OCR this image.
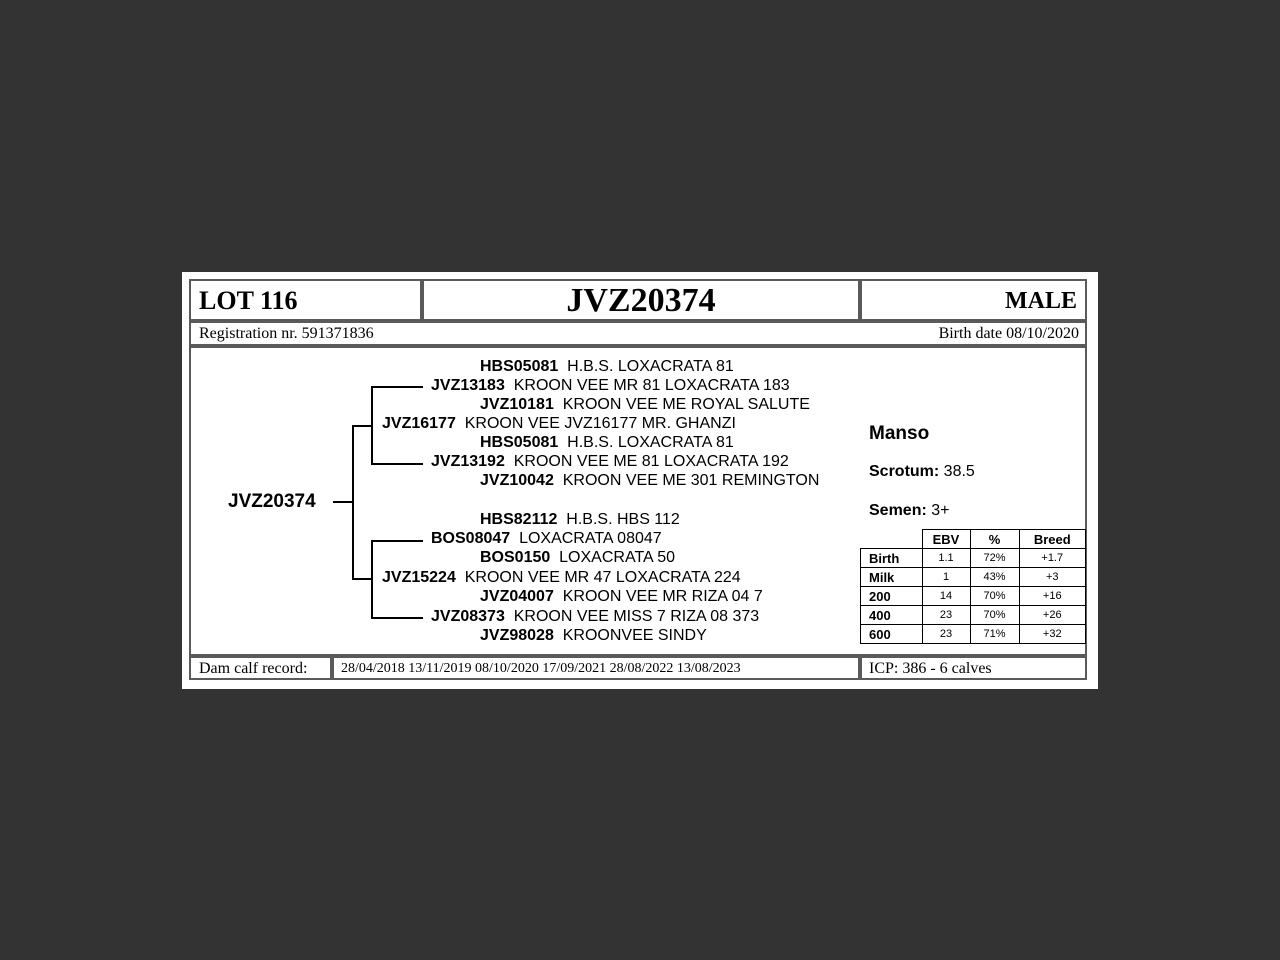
LOT 116	JVZ20374	MALE
Registration nr. 591371836	Birth date 08/10/2020
JVZ20374
HBS05081 H.B.S. LOXACRATA 81
JVZ13183 KROON VEE MR 81 LOXACRATA 183
JVZ10181 KROON VEE ME ROYAL SALUTE
JVZ16177 KROON VEE JVZ16177 MR. GHANZI
HBS05081 H.B.S. LOXACRATA 81
JVZ13192 KROON VEE ME 81 LOXACRATA 192
JVZ10042  KROON VEE ME 301 REMINGTON
HBS82112 H.B.S. HBS 112
BOS08047  LOXACRATA 08047
BOS0150  LOXACRATA 50
JVZ15224 KROON VEE MR 47 LOXACRATA 224
JVZ04007 KROON VEE MR RIZA 04 7
JVZ08373 KROON VEE MISS 7 RIZA 08 373
JVZ98028 KROONVEE SINDY
Manso
Scrotum: 38.5
Semen: 3+
	EBV	%	Breed
Birth	1.1	72%	+1.7
Milk	1	43%	+3
200	14	70%	+16
400	23	70%	+26
600	23	71%	+32
Dam calf record: 28/04/2018 13/11/2019 08/10/2020 17/09/2021 28/08/2022 13/08/2023	ICP: 386 - 6 calves
